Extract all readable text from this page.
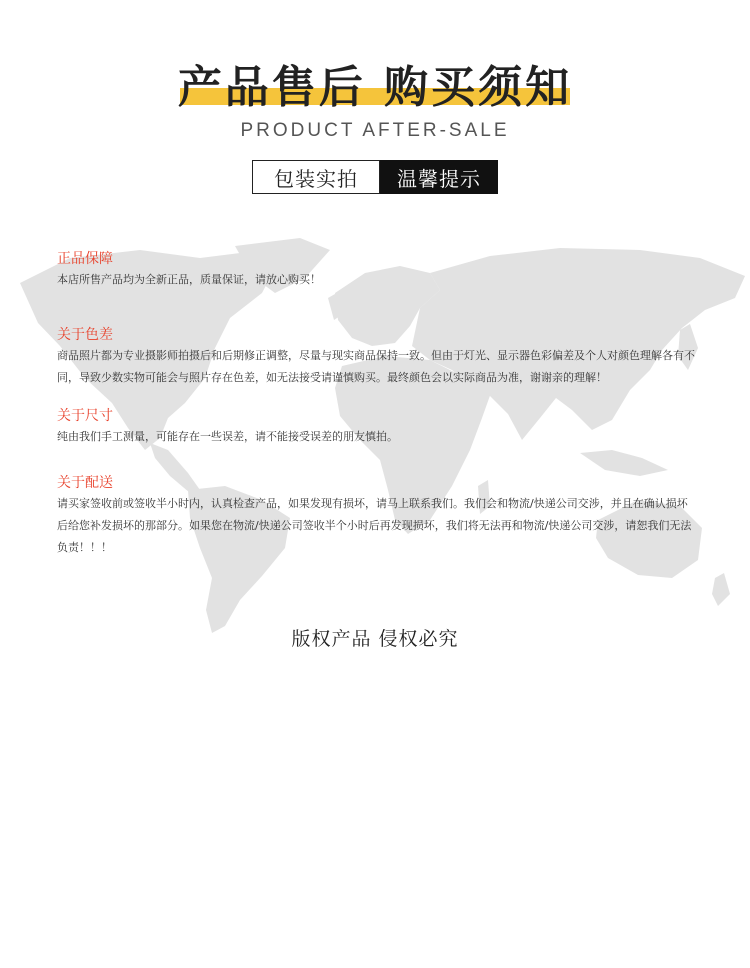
产品售后 购买须知
PRODUCT AFTER-SALE
包装实拍	温馨提示
正品保障
本店所售产品均为全新正品，质量保证，请放心购买！
关于色差
商品照片都为专业摄影师拍摄后和后期修正调整，尽量与现实商品保持一致。但由于灯光、显示器色彩偏差及个人对颜色理解各有不同，导致少数实物可能会与照片存在色差，如无法接受请谨慎购买。最终颜色会以实际商品为准，谢谢亲的理解！
关于尺寸
纯由我们手工测量，可能存在一些误差，请不能接受误差的朋友慎拍。
关于配送
请买家签收前或签收半小时内，认真检查产品，如果发现有损坏，请马上联系我们。我们会和物流/快递公司交涉，并且在确认损坏后给您补发损坏的那部分。如果您在物流/快递公司签收半个小时后再发现损坏，我们将无法再和物流/快递公司交涉，请恕我们无法负责！！！
版权产品 侵权必究
